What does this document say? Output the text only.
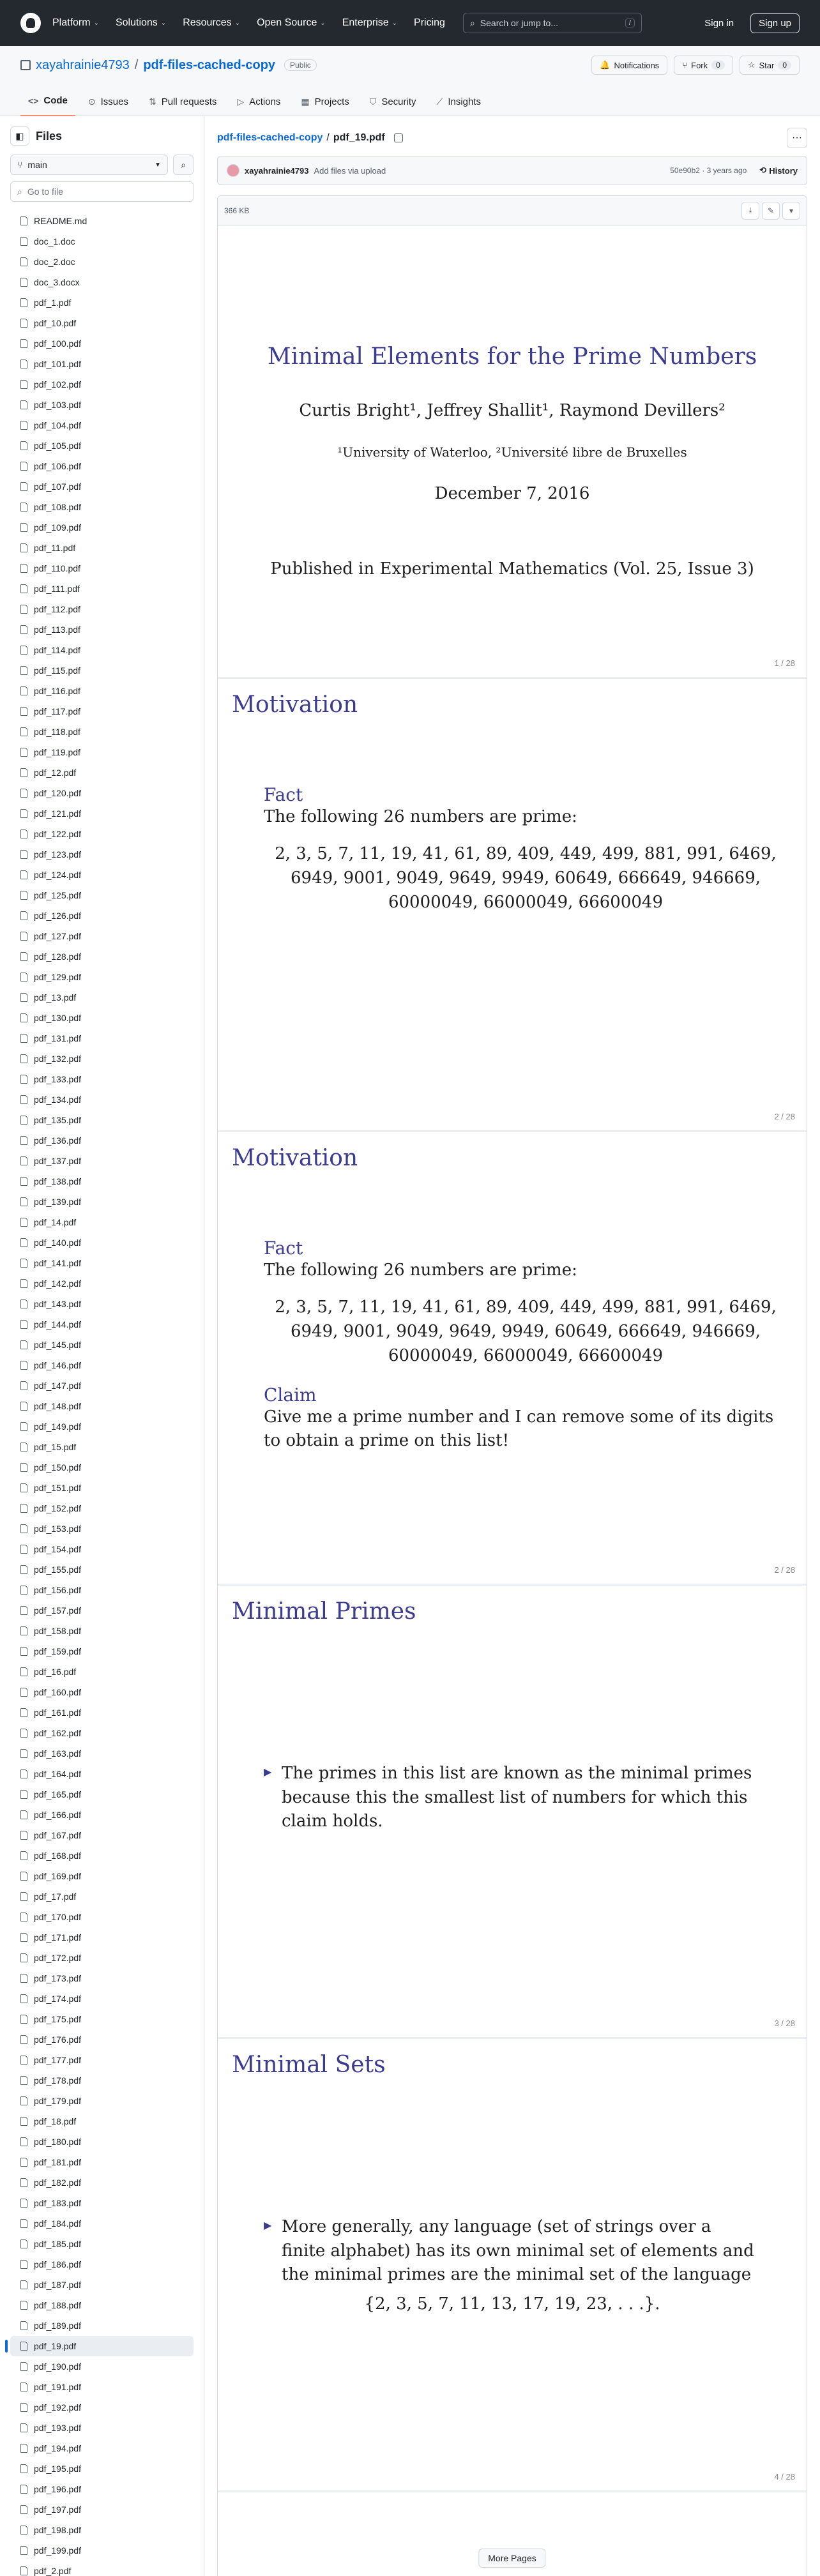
Platform ⌄ Solutions ⌄ Resources ⌄ Open Source ⌄ Enterprise ⌄ Pricing	⌕ Search or jump to...	/	Sign in	Sign up
xayahrainie4793 / pdf-files-cached-copy	Public	🔔 Notifications	⑂ Fork	0	☆ Star	0
<> Code ⊙ Issues ⇅ Pull requests ▷ Actions ▦ Projects ⛉ Security ⟋ Insights
◧	Files
⑂ main	▼ ⌕
⌕ Go to file
README.md
doc_1.doc
doc_2.doc
doc_3.docx
pdf_1.pdf
pdf_10.pdf
pdf_100.pdf
pdf_101.pdf
pdf_102.pdf
pdf_103.pdf
pdf_104.pdf
pdf_105.pdf
pdf_106.pdf
pdf_107.pdf
pdf_108.pdf
pdf_109.pdf
pdf_11.pdf
pdf_110.pdf
pdf_111.pdf
pdf_112.pdf
pdf_113.pdf
pdf_114.pdf
pdf_115.pdf
pdf_116.pdf
pdf_117.pdf
pdf_118.pdf
pdf_119.pdf
pdf_12.pdf
pdf_120.pdf
pdf_121.pdf
pdf_122.pdf
pdf_123.pdf
pdf_124.pdf
pdf_125.pdf
pdf_126.pdf
pdf_127.pdf
pdf_128.pdf
pdf_129.pdf
pdf_13.pdf
pdf_130.pdf
pdf_131.pdf
pdf_132.pdf
pdf_133.pdf
pdf_134.pdf
pdf_135.pdf
pdf_136.pdf
pdf_137.pdf
pdf_138.pdf
pdf_139.pdf
pdf_14.pdf
pdf_140.pdf
pdf_141.pdf
pdf_142.pdf
pdf_143.pdf
pdf_144.pdf
pdf_145.pdf
pdf_146.pdf
pdf_147.pdf
pdf_148.pdf
pdf_149.pdf
pdf_15.pdf
pdf_150.pdf
pdf_151.pdf
pdf_152.pdf
pdf_153.pdf
pdf_154.pdf
pdf_155.pdf
pdf_156.pdf
pdf_157.pdf
pdf_158.pdf
pdf_159.pdf
pdf_16.pdf
pdf_160.pdf
pdf_161.pdf
pdf_162.pdf
pdf_163.pdf
pdf_164.pdf
pdf_165.pdf
pdf_166.pdf
pdf_167.pdf
pdf_168.pdf
pdf_169.pdf
pdf_17.pdf
pdf_170.pdf
pdf_171.pdf
pdf_172.pdf
pdf_173.pdf
pdf_174.pdf
pdf_175.pdf
pdf_176.pdf
pdf_177.pdf
pdf_178.pdf
pdf_179.pdf
pdf_18.pdf
pdf_180.pdf
pdf_181.pdf
pdf_182.pdf
pdf_183.pdf
pdf_184.pdf
pdf_185.pdf
pdf_186.pdf
pdf_187.pdf
pdf_188.pdf
pdf_189.pdf
pdf_19.pdf
pdf_190.pdf
pdf_191.pdf
pdf_192.pdf
pdf_193.pdf
pdf_194.pdf
pdf_195.pdf
pdf_196.pdf
pdf_197.pdf
pdf_198.pdf
pdf_199.pdf
pdf_2.pdf
pdf-files-cached-copy / pdf_19.pdf	···
xayahrainie4793 Add files via upload	50e90b2 · 3 years ago ⟲ History
366 KB	⤓	✎	▾
Minimal Elements for the Prime Numbers
Curtis Bright¹, Jeffrey Shallit¹, Raymond Devillers²
¹University of Waterloo, ²Université libre de Bruxelles
December 7, 2016
Published in Experimental Mathematics (Vol. 25, Issue 3)
1 / 28
Motivation
Fact
The following 26 numbers are prime:
2, 3, 5, 7, 11, 19, 41, 61, 89, 409, 449, 499, 881, 991, 6469, 6949, 9001, 9049, 9649, 9949, 60649, 666649, 946669, 60000049, 66000049, 66600049
2 / 28
Motivation
Fact
The following 26 numbers are prime:
2, 3, 5, 7, 11, 19, 41, 61, 89, 409, 449, 499, 881, 991, 6469, 6949, 9001, 9049, 9649, 9949, 60649, 666649, 946669, 60000049, 66000049, 66600049
Claim
Give me a prime number and I can remove some of its digits to obtain a prime on this list!
2 / 28
Minimal Primes
▶ The primes in this list are known as the minimal primes because this the smallest list of numbers for which this claim holds.
3 / 28
Minimal Sets
▶ More generally, any language (set of strings over a finite alphabet) has its own minimal set of elements and the minimal primes are the minimal set of the language
{2, 3, 5, 7, 11, 13, 17, 19, 23, . . .}.
4 / 28
More Pages
